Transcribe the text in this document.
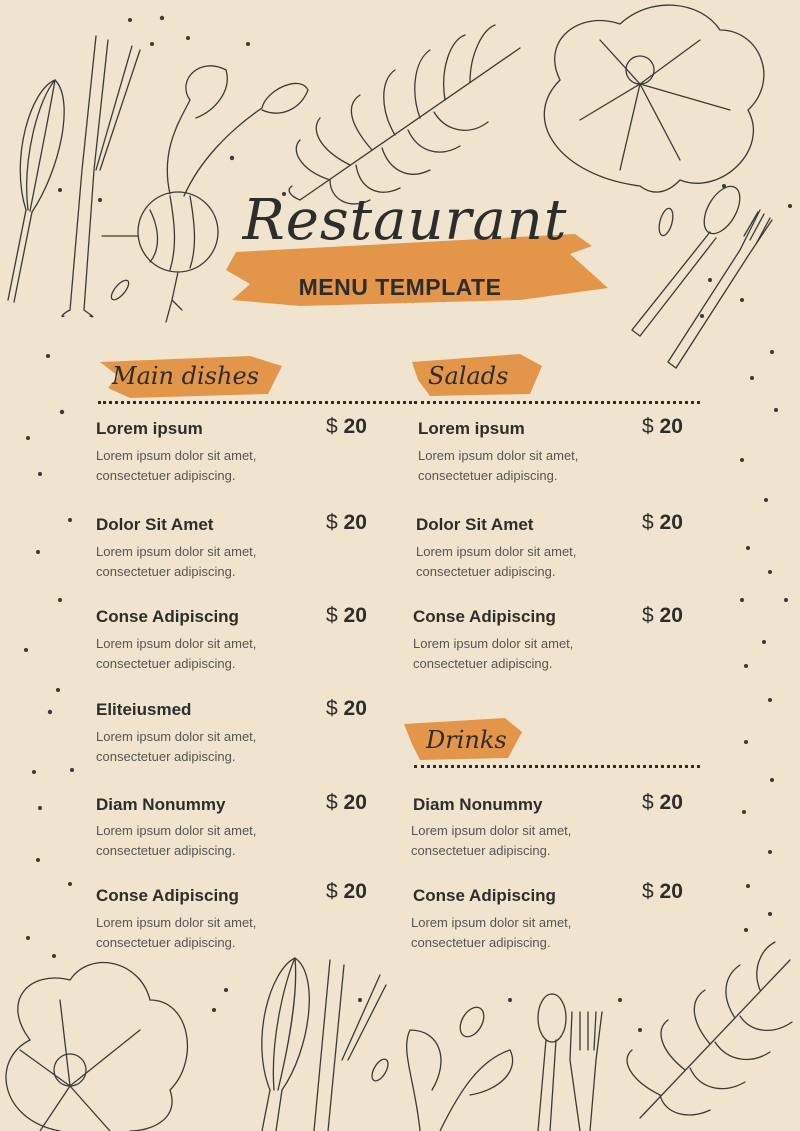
Restaurant
MENU TEMPLATE
Main dishes
Lorem ipsum	$ 20
Lorem ipsum dolor sit amet,
consectetuer adipiscing.
Dolor Sit Amet	$ 20
Lorem ipsum dolor sit amet,
consectetuer adipiscing.
Conse Adipiscing	$ 20
Lorem ipsum dolor sit amet,
consectetuer adipiscing.
Eliteiusmed	$ 20
Lorem ipsum dolor sit amet,
consectetuer adipiscing.
Diam Nonummy	$ 20
Lorem ipsum dolor sit amet,
consectetuer adipiscing.
Conse Adipiscing	$ 20
Lorem ipsum dolor sit amet,
consectetuer adipiscing.
Salads
Lorem ipsum	$ 20
Lorem ipsum dolor sit amet,
consectetuer adipiscing.
Dolor Sit Amet	$ 20
Lorem ipsum dolor sit amet,
consectetuer adipiscing.
Conse Adipiscing	$ 20
Lorem ipsum dolor sit amet,
consectetuer adipiscing.
Drinks
Diam Nonummy	$ 20
Lorem ipsum dolor sit amet,
consectetuer adipiscing.
Conse Adipiscing	$ 20
Lorem ipsum dolor sit amet,
consectetuer adipiscing.
